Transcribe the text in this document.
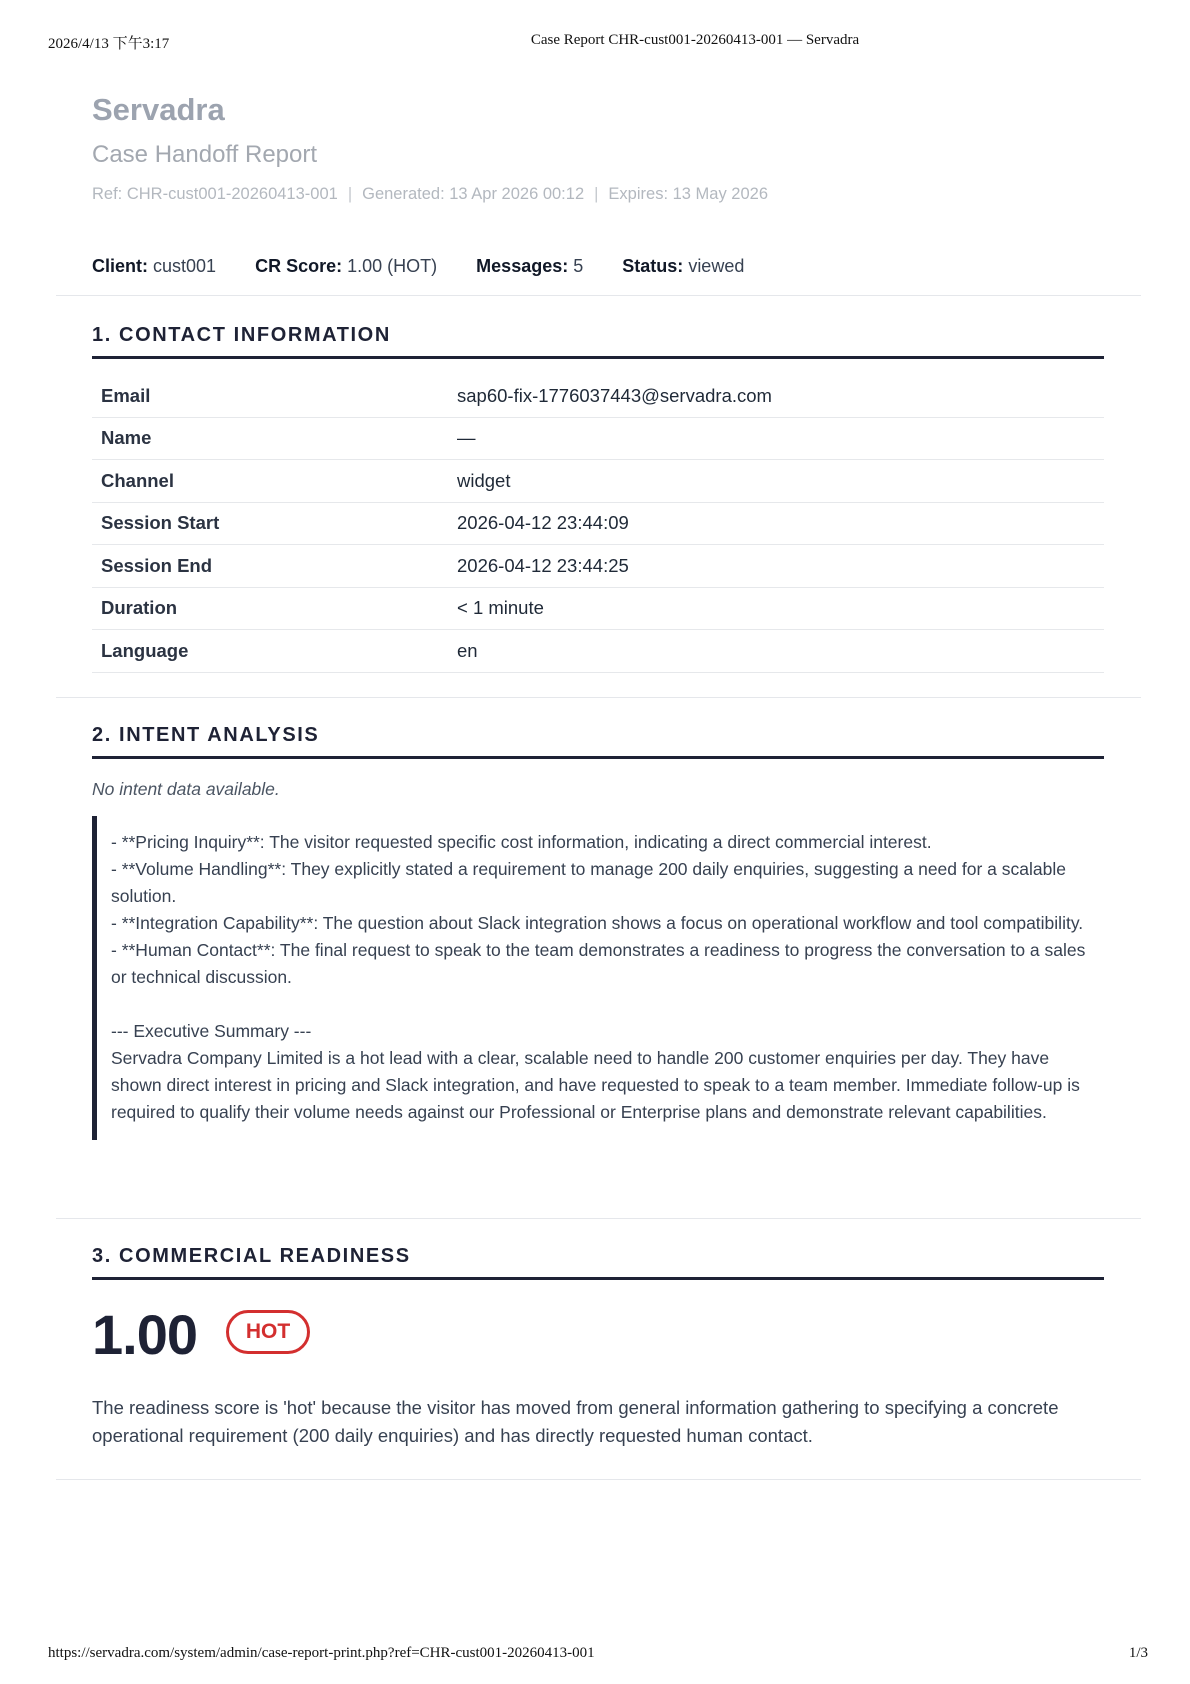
2026/4/13 下午3:17	Case Report CHR-cust001-20260413-001 — Servadra
Servadra
Case Handoff Report
Ref: CHR-cust001-20260413-001 | Generated: 13 Apr 2026 00:12 | Expires: 13 May 2026
Client: cust001 CR Score: 1.00 (HOT) Messages: 5 Status: viewed
1. CONTACT INFORMATION
Email	sap60-fix-1776037443@servadra.com
Name	—
Channel	widget
Session Start	2026-04-12 23:44:09
Session End	2026-04-12 23:44:25
Duration	< 1 minute
Language	en
2. INTENT ANALYSIS
No intent data available.
- **Pricing Inquiry**: The visitor requested specific cost information, indicating a direct commercial interest.
- **Volume Handling**: They explicitly stated a requirement to manage 200 daily enquiries, suggesting a need for a scalable solution.
- **Integration Capability**: The question about Slack integration shows a focus on operational workflow and tool compatibility.
- **Human Contact**: The final request to speak to the team demonstrates a readiness to progress the conversation to a sales or technical discussion.

--- Executive Summary ---
Servadra Company Limited is a hot lead with a clear, scalable need to handle 200 customer enquiries per day. They have shown direct interest in pricing and Slack integration, and have requested to speak to a team member. Immediate follow-up is required to qualify their volume needs against our Professional or Enterprise plans and demonstrate relevant capabilities.
3. COMMERCIAL READINESS
1.00	HOT
The readiness score is 'hot' because the visitor has moved from general information gathering to specifying a concrete operational requirement (200 daily enquiries) and has directly requested human contact.
https://servadra.com/system/admin/case-report-print.php?ref=CHR-cust001-20260413-001	1/3
